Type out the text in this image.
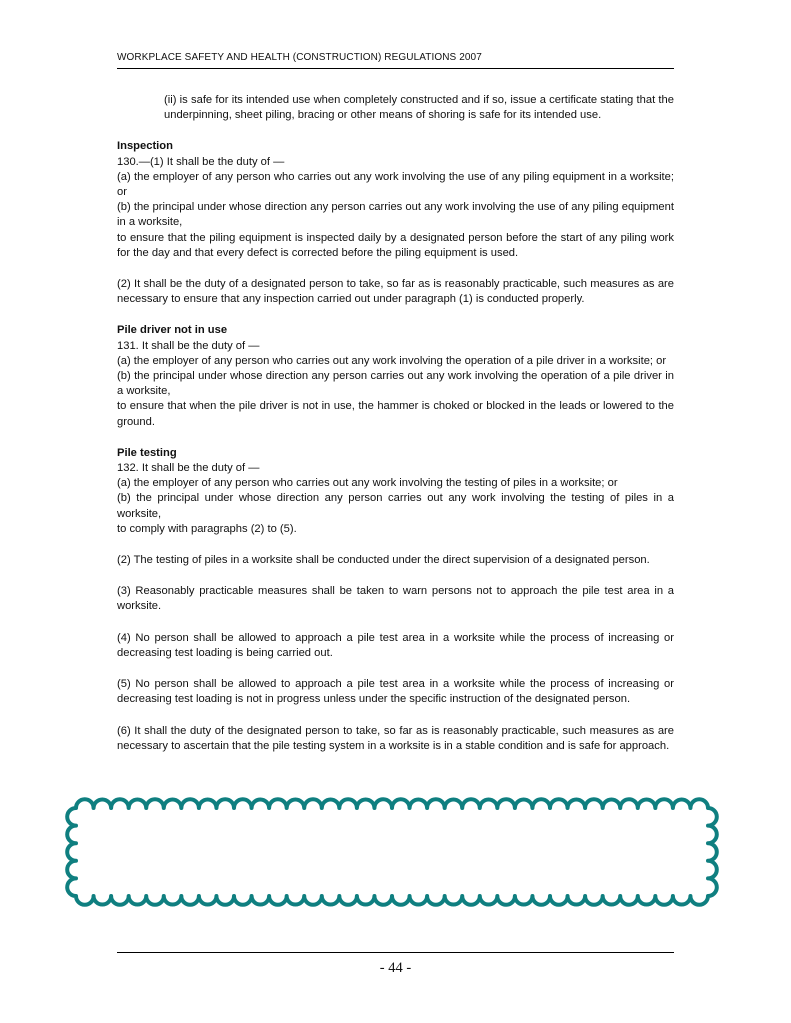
WORKPLACE SAFETY AND HEALTH (CONSTRUCTION) REGULATIONS 2007

(ii) is safe for its intended use when completely constructed and if so, issue a certificate stating that the underpinning, sheet piling, bracing or other means of shoring is safe for its intended use.

Inspection

130.—(1) It shall be the duty of —

(a) the employer of any person who carries out any work involving the use of any piling equipment in a worksite; or

(b) the principal under whose direction any person carries out any work involving the use of any piling equipment in a worksite,

to ensure that the piling equipment is inspected daily by a designated person before the start of any piling work for the day and that every defect is corrected before the piling equipment is used.

(2) It shall be the duty of a designated person to take, so far as is reasonably practicable, such measures as are necessary to ensure that any inspection carried out under paragraph (1) is conducted properly.

Pile driver not in use

131. It shall be the duty of —

(a) the employer of any person who carries out any work involving the operation of a pile driver in a worksite; or

(b) the principal under whose direction any person carries out any work involving the operation of a pile driver in a worksite,

to ensure that when the pile driver is not in use, the hammer is choked or blocked in the leads or lowered to the ground.

Pile testing

132. It shall be the duty of —

(a) the employer of any person who carries out any work involving the testing of piles in a worksite; or

(b) the principal under whose direction any person carries out any work involving the testing of piles in a worksite,

to comply with paragraphs (2) to (5).

(2) The testing of piles in a worksite shall be conducted under the direct supervision of a designated person.

(3) Reasonably practicable measures shall be taken to warn persons not to approach the pile test area in a worksite.

(4) No person shall be allowed to approach a pile test area in a worksite while the process of increasing or decreasing test loading is being carried out.

(5) No person shall be allowed to approach a pile test area in a worksite while the process of increasing or decreasing test loading is not in progress unless under the specific instruction of the designated person.

(6) It shall the duty of the designated person to take, so far as is reasonably practicable, such measures as are necessary to ascertain that the pile testing system in a worksite is in a stable condition and is safe for approach.

- 44 -
